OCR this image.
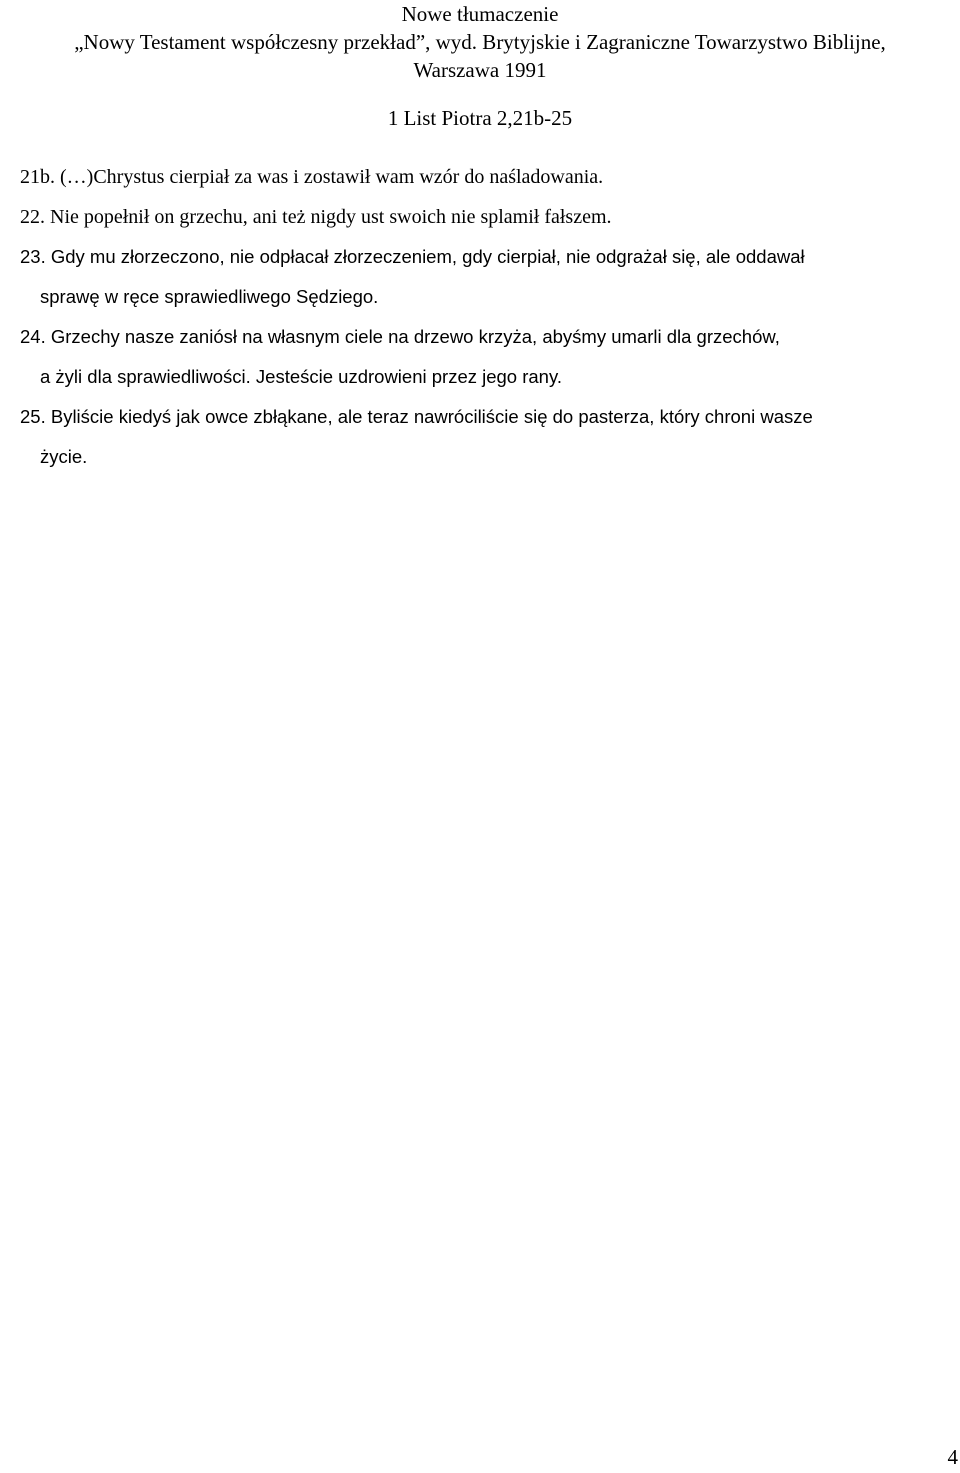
Nowe tłumaczenie
„Nowy Testament współczesny przekład”, wyd. Brytyjskie i Zagraniczne Towarzystwo Biblijne,
Warszawa 1991
1 List Piotra 2,21b-25
21b. (…)Chrystus cierpiał za was i zostawił wam wzór do naśladowania.
22. Nie popełnił on grzechu, ani też nigdy ust swoich nie splamił fałszem.
23. Gdy mu złorzeczono, nie odpłacał złorzeczeniem, gdy cierpiał, nie odgrażał się, ale oddawał
sprawę w ręce sprawiedliwego Sędziego.
24. Grzechy nasze zaniósł na własnym ciele na drzewo krzyża, abyśmy umarli dla grzechów,
a żyli dla sprawiedliwości. Jesteście uzdrowieni przez jego rany.
25. Byliście kiedyś jak owce zbłąkane, ale teraz nawróciliście się do pasterza, który chroni wasze
życie.
4
